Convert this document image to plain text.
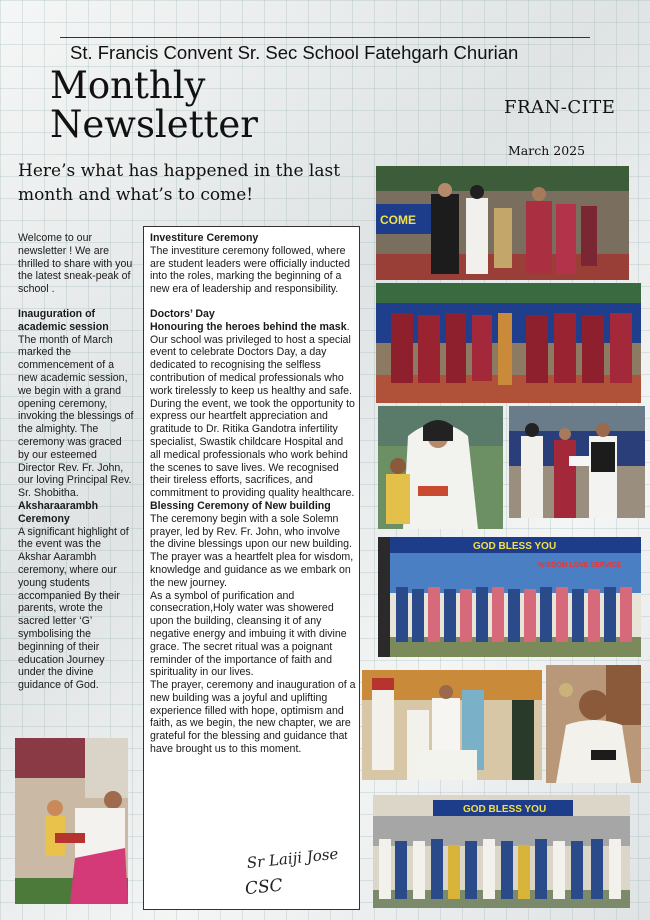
St. Francis Convent Sr. Sec School Fatehgarh Churian
Monthly
Newsletter	FRAN-CITE
March 2025
Here’s what has happened in the last month and what’s to come!

Welcome to our newsletter ! We are thrilled to share with you the latest sneak-peak of school .

Inauguration of academic session

The month of March marked the commencement of a new academic session, we begin with a grand opening ceremony, invoking the blessings of the almighty. The ceremony was graced by our esteemed Director Rev. Fr. John, our loving Principal Rev. Sr. Shobitha.

Aksharaarambh Ceremony

A significant highlight of the event was the Akshar Aarambh ceremony, where our young students accompanied By their parents, wrote the sacred letter ‘G’ symbolising the beginning of their education Journey under the divine guidance of God.

Investiture Ceremony

The investiture ceremony followed, where are student leaders were officially inducted into the roles, marking the beginning of a new era of leadership and responsibility.

Doctors’ Day

Honouring the heroes behind the mask. Our school was privileged to host a special event to celebrate Doctors Day, a day dedicated to recognising the selfless contribution of medical professionals who work tirelessly to keep us healthy and safe.

During the event, we took the opportunity to express our heartfelt appreciation and gratitude to Dr. Ritika Gandotra infertility specialist, Swastik childcare Hospital and all medical professionals who work behind the scenes to save lives. We recognised their tireless efforts, sacrifices, and commitment to providing quality healthcare.

Blessing Ceremony of New building

The ceremony begin with a sole Solemn prayer, led by Rev. Fr. John, who involve the divine blessings upon our new building. The prayer was a heartfelt plea for wisdom, knowledge and guidance as we embark on the new journey.

As a symbol of purification and consecration,Holy water was showered upon the building, cleansing it of any negative energy and imbuing it with divine grace. The secret ritual was a poignant reminder of the importance of faith and spirituality in our lives.

The prayer, ceremony and inauguration of a new building was a joyful and uplifting experience filled with hope, optimism and faith, as we begin, the new chapter, we are grateful for the blessing and guidance that have brought us to this moment.

Sr Laiji Jose
CSC
COME
GOD BLESS YOU
WISDOM LOVE SERVICE
GOD BLESS YOU
